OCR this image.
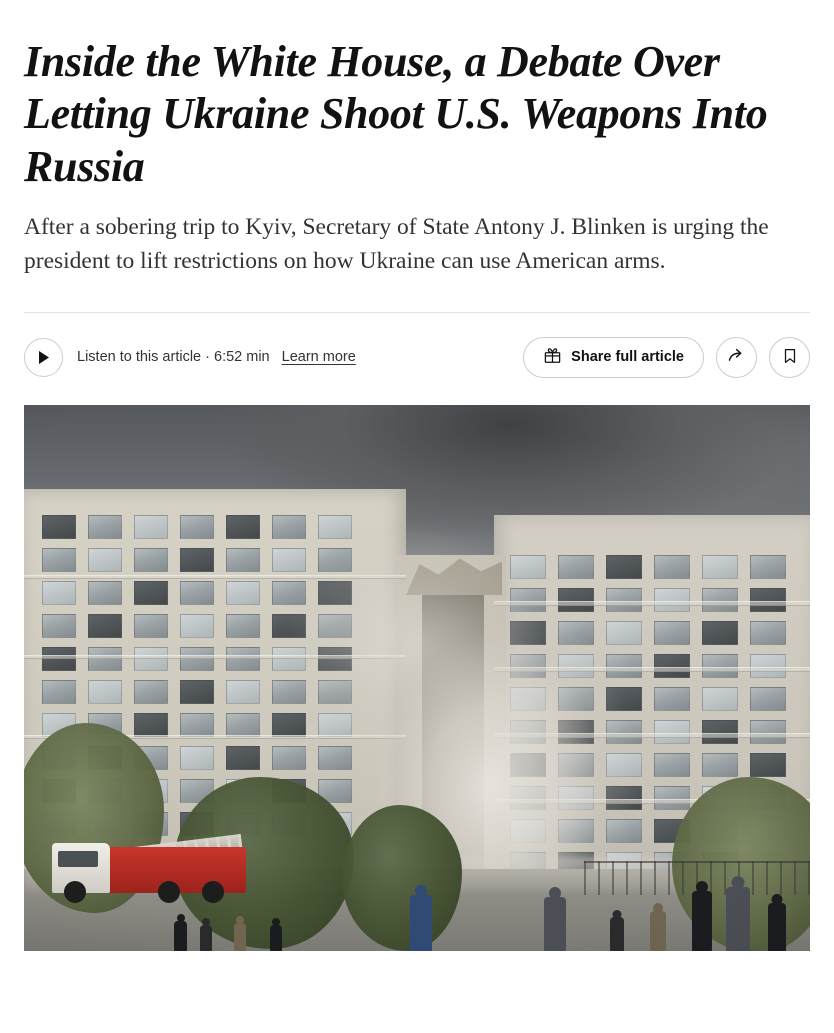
Inside the White House, a Debate Over Letting Ukraine Shoot U.S. Weapons Into Russia

After a sobering trip to Kyiv, Secretary of State Antony J. Blinken is urging the president to lift restrictions on how Ukraine can use American arms.

Listen to this article · 6:52 min Learn more	Share full article
